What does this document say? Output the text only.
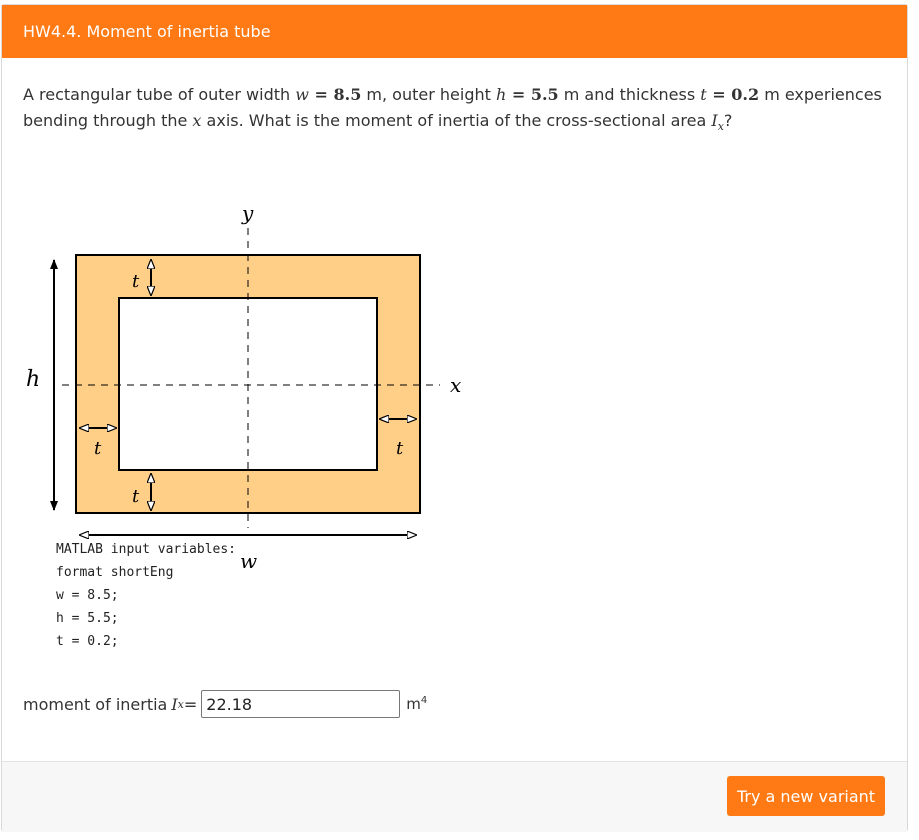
HW4.4. Moment of inertia tube
A rectangular tube of outer width w = 8.5 m, outer height h = 5.5 m and thickness t = 0.2 m experiences bending through the x axis. What is the moment of inertia of the cross-sectional area $I_x$?
y
x
h
w
t
t
t	t
MATLAB input variables:
format shortEng
w = 8.5;
h = 5.5;
t = 0.2;
moment of inertia I x =
22.18	$m^4$
Try a new variant
